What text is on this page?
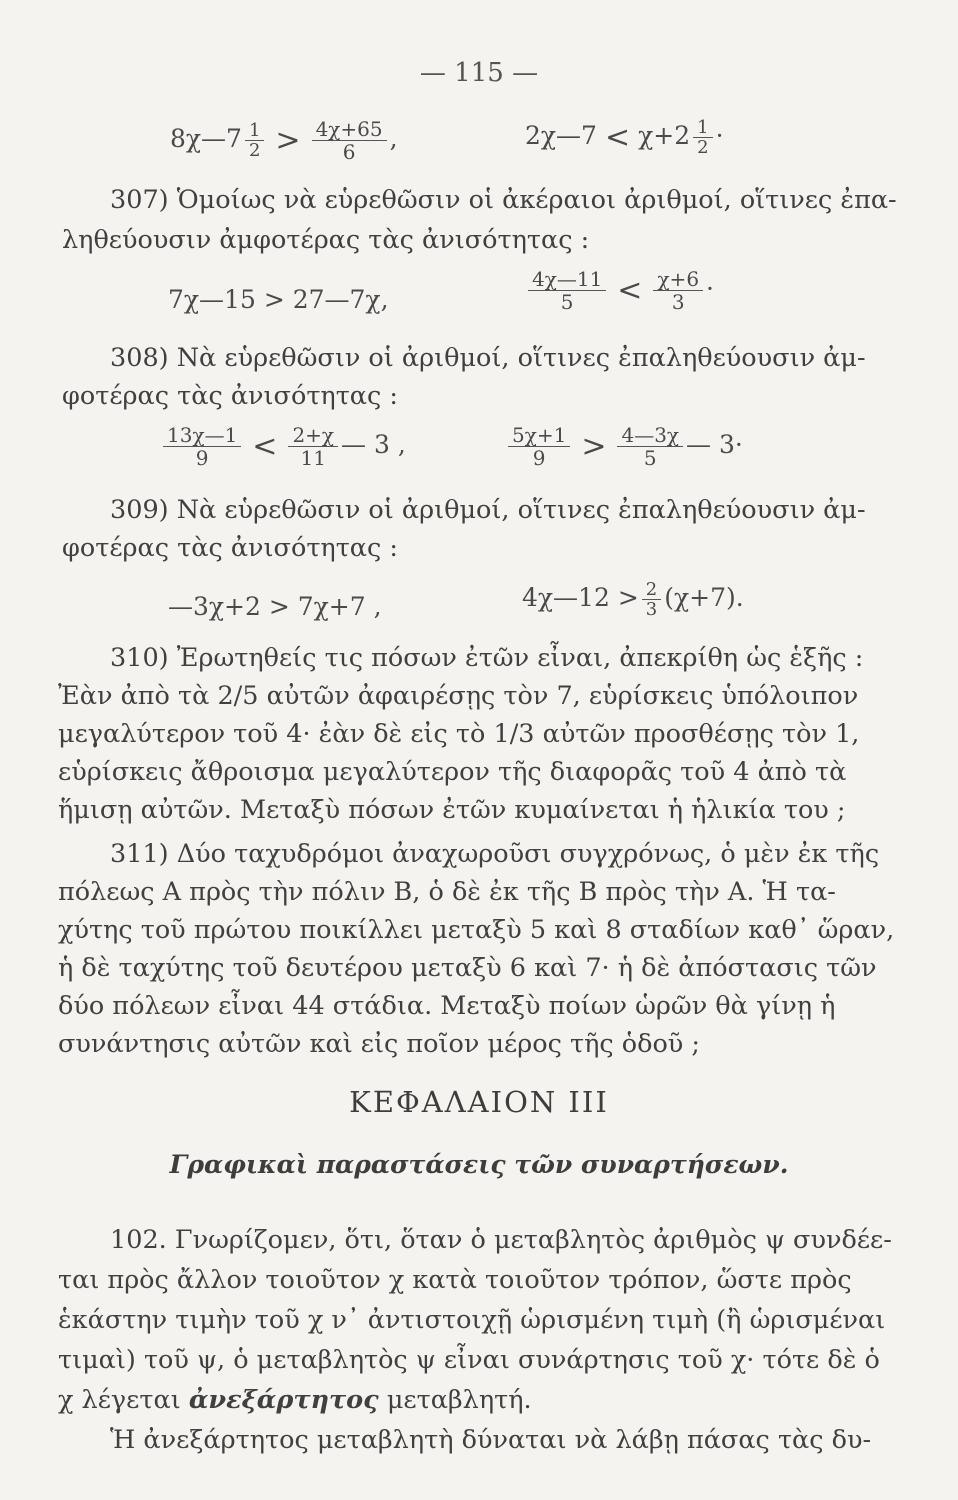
— 115 —
8χ—7 $\frac{1}{2} > \frac{4\chi+65}{6}$ ,	2χ—7 < $\chi+2 \frac{1}{2}$ ·
307) Ὁμοίως νὰ εὑρεθῶσιν οἱ ἀκέραιοι ἀριθμοί, οἵτινες ἐπα-
ληθεύουσιν ἀμφοτέρας τὰς ἀνισότητας :
7χ—15 > 27—7χ,	$\frac{4\chi—11}{5} < \frac{\chi+6}{3}$ ·
308) Νὰ εὑρεθῶσιν οἱ ἀριθμοί, οἵτινες ἐπαληθεύουσιν ἀμ-
φοτέρας τὰς ἀνισότητας :
$\frac{13\chi—1}{9} < \frac{2+\chi}{11}$ — 3 ,	$\frac{5\chi+1}{9} > \frac{4—3\chi}{5}$ — 3·
309) Νὰ εὑρεθῶσιν οἱ ἀριθμοί, οἵτινες ἐπαληθεύουσιν ἀμ-
φοτέρας τὰς ἀνισότητας :
—3χ+2 > 7χ+7 ,	4χ—12 > $\frac{2}{3} (\chi+7)$.
310) Ἐρωτηθείς τις πόσων ἐτῶν εἶναι, ἀπεκρίθη ὡς ἑξῆς :
Ἐὰν ἀπὸ τὰ 2/5 αὐτῶν ἀφαιρέσῃς τὸν 7, εὑρίσκεις ὑπόλοιπον
μεγαλύτερον τοῦ 4· ἐὰν δὲ εἰς τὸ 1/3 αὐτῶν προσθέσῃς τὸν 1,
εὑρίσκεις ἄθροισμα μεγαλύτερον τῆς διαφορᾶς τοῦ 4 ἀπὸ τὰ
ἥμισῃ αὐτῶν. Μεταξὺ πόσων ἐτῶν κυμαίνεται ἡ ἡλικία του ;
311) Δύο ταχυδρόμοι ἀναχωροῦσι συγχρόνως, ὁ μὲν ἐκ τῆς
πόλεως Α πρὸς τὴν πόλιν Β, ὁ δὲ ἐκ τῆς Β πρὸς τὴν Α. Ἡ τα-
χύτης τοῦ πρώτου ποικίλλει μεταξὺ 5 καὶ 8 σταδίων καθ᾽ ὥραν,
ἡ δὲ ταχύτης τοῦ δευτέρου μεταξὺ 6 καὶ 7· ἡ δὲ ἀπόστασις τῶν
δύο πόλεων εἶναι 44 στάδια. Μεταξὺ ποίων ὡρῶν θὰ γίνῃ ἡ
συνάντησις αὐτῶν καὶ εἰς ποῖον μέρος τῆς ὁδοῦ ;
ΚΕΦΑΛΑΙΟΝ III
Γραφικαὶ παραστάσεις τῶν συναρτήσεων.
102. Γνωρίζομεν, ὅτι, ὅταν ὁ μεταβλητὸς ἀριθμὸς ψ συνδέε-
ται πρὸς ἄλλον τοιοῦτον χ κατὰ τοιοῦτον τρόπον, ὥστε πρὸς
ἑκάστην τιμὴν τοῦ χ ν᾽ ἀντιστοιχῇ ὡρισμένη τιμὴ (ἢ ὡρισμέναι
τιμαὶ) τοῦ ψ, ὁ μεταβλητὸς ψ εἶναι συνάρτησις τοῦ χ· τότε δὲ ὁ
χ λέγεται ἀνεξάρτητος μεταβλητή.
Ἡ ἀνεξάρτητος μεταβλητὴ δύναται νὰ λάβῃ πάσας τὰς δυ-
